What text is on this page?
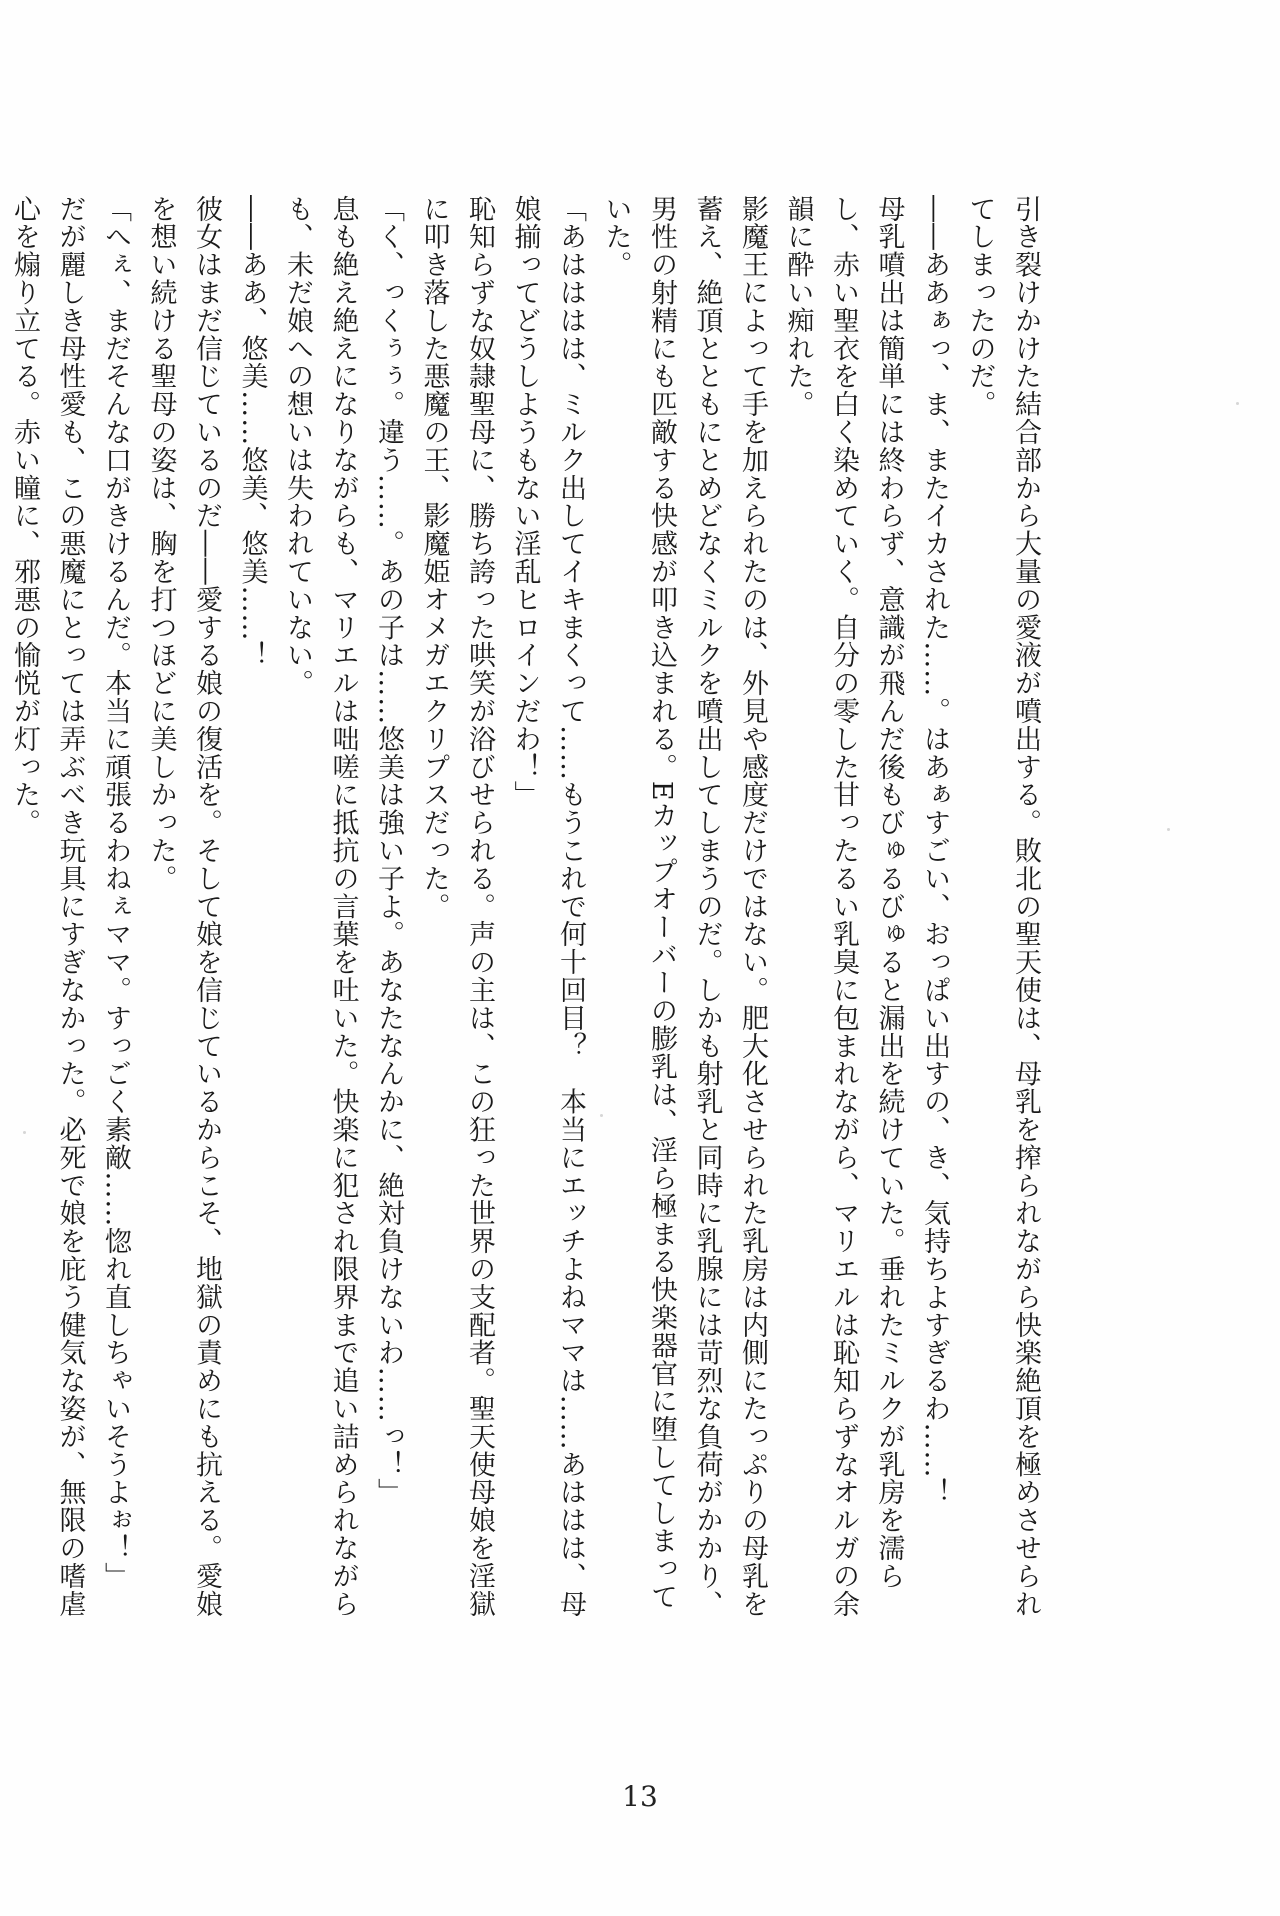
引き裂けかけた結合部から大量の愛液が噴出する。敗北の聖天使は、母乳を搾られながら快楽絶頂を極めさせられてしまったのだ。

――ああぁっ、ま、またイカされた……。はあぁすごい、おっぱい出すの、き、気持ちよすぎるわ……！

母乳噴出は簡単には終わらず、意識が飛んだ後もびゅるびゅると漏出を続けていた。垂れたミルクが乳房を濡らし、赤い聖衣を白く染めていく。自分の零した甘ったるい乳臭に包まれながら、マリエルは恥知らずなオルガの余韻に酔い痴れた。

影魔王によって手を加えられたのは、外見や感度だけではない。肥大化させられた乳房は内側にたっぷりの母乳を蓄え、絶頂とともにとめどなくミルクを噴出してしまうのだ。しかも射乳と同時に乳腺には苛烈な負荷がかかり、男性の射精にも匹敵する快感が叩き込まれる。Eカップオーバーの膨乳は、淫ら極まる快楽器官に堕してしまっていた。

「あはははは、ミルク出してイキまくって……もうこれで何十回目？　本当にエッチよねママは……あははは、母娘揃ってどうしようもない淫乱ヒロインだわ！」

恥知らずな奴隷聖母に、勝ち誇った哄笑が浴びせられる。声の主は、この狂った世界の支配者。聖天使母娘を淫獄に叩き落した悪魔の王、影魔姫オメガエクリプスだった。

「く、っくぅぅ。違う……。あの子は……悠美は強い子よ。あなたなんかに、絶対負けないわ……っ！」

息も絶え絶えになりながらも、マリエルは咄嗟に抵抗の言葉を吐いた。快楽に犯され限界まで追い詰められながらも、未だ娘への想いは失われていない。

――ああ、悠美……悠美、悠美……！

彼女はまだ信じているのだ――愛する娘の復活を。そして娘を信じているからこそ、地獄の責めにも抗える。愛娘を想い続ける聖母の姿は、胸を打つほどに美しかった。

「へぇ、まだそんな口がきけるんだ。本当に頑張るわねぇママ。すっごく素敵……惚れ直しちゃいそうよぉ！」

だが麗しき母性愛も、この悪魔にとっては弄ぶべき玩具にすぎなかった。必死で娘を庇う健気な姿が、無限の嗜虐心を煽り立てる。赤い瞳に、邪悪の愉悦が灯った。

13
